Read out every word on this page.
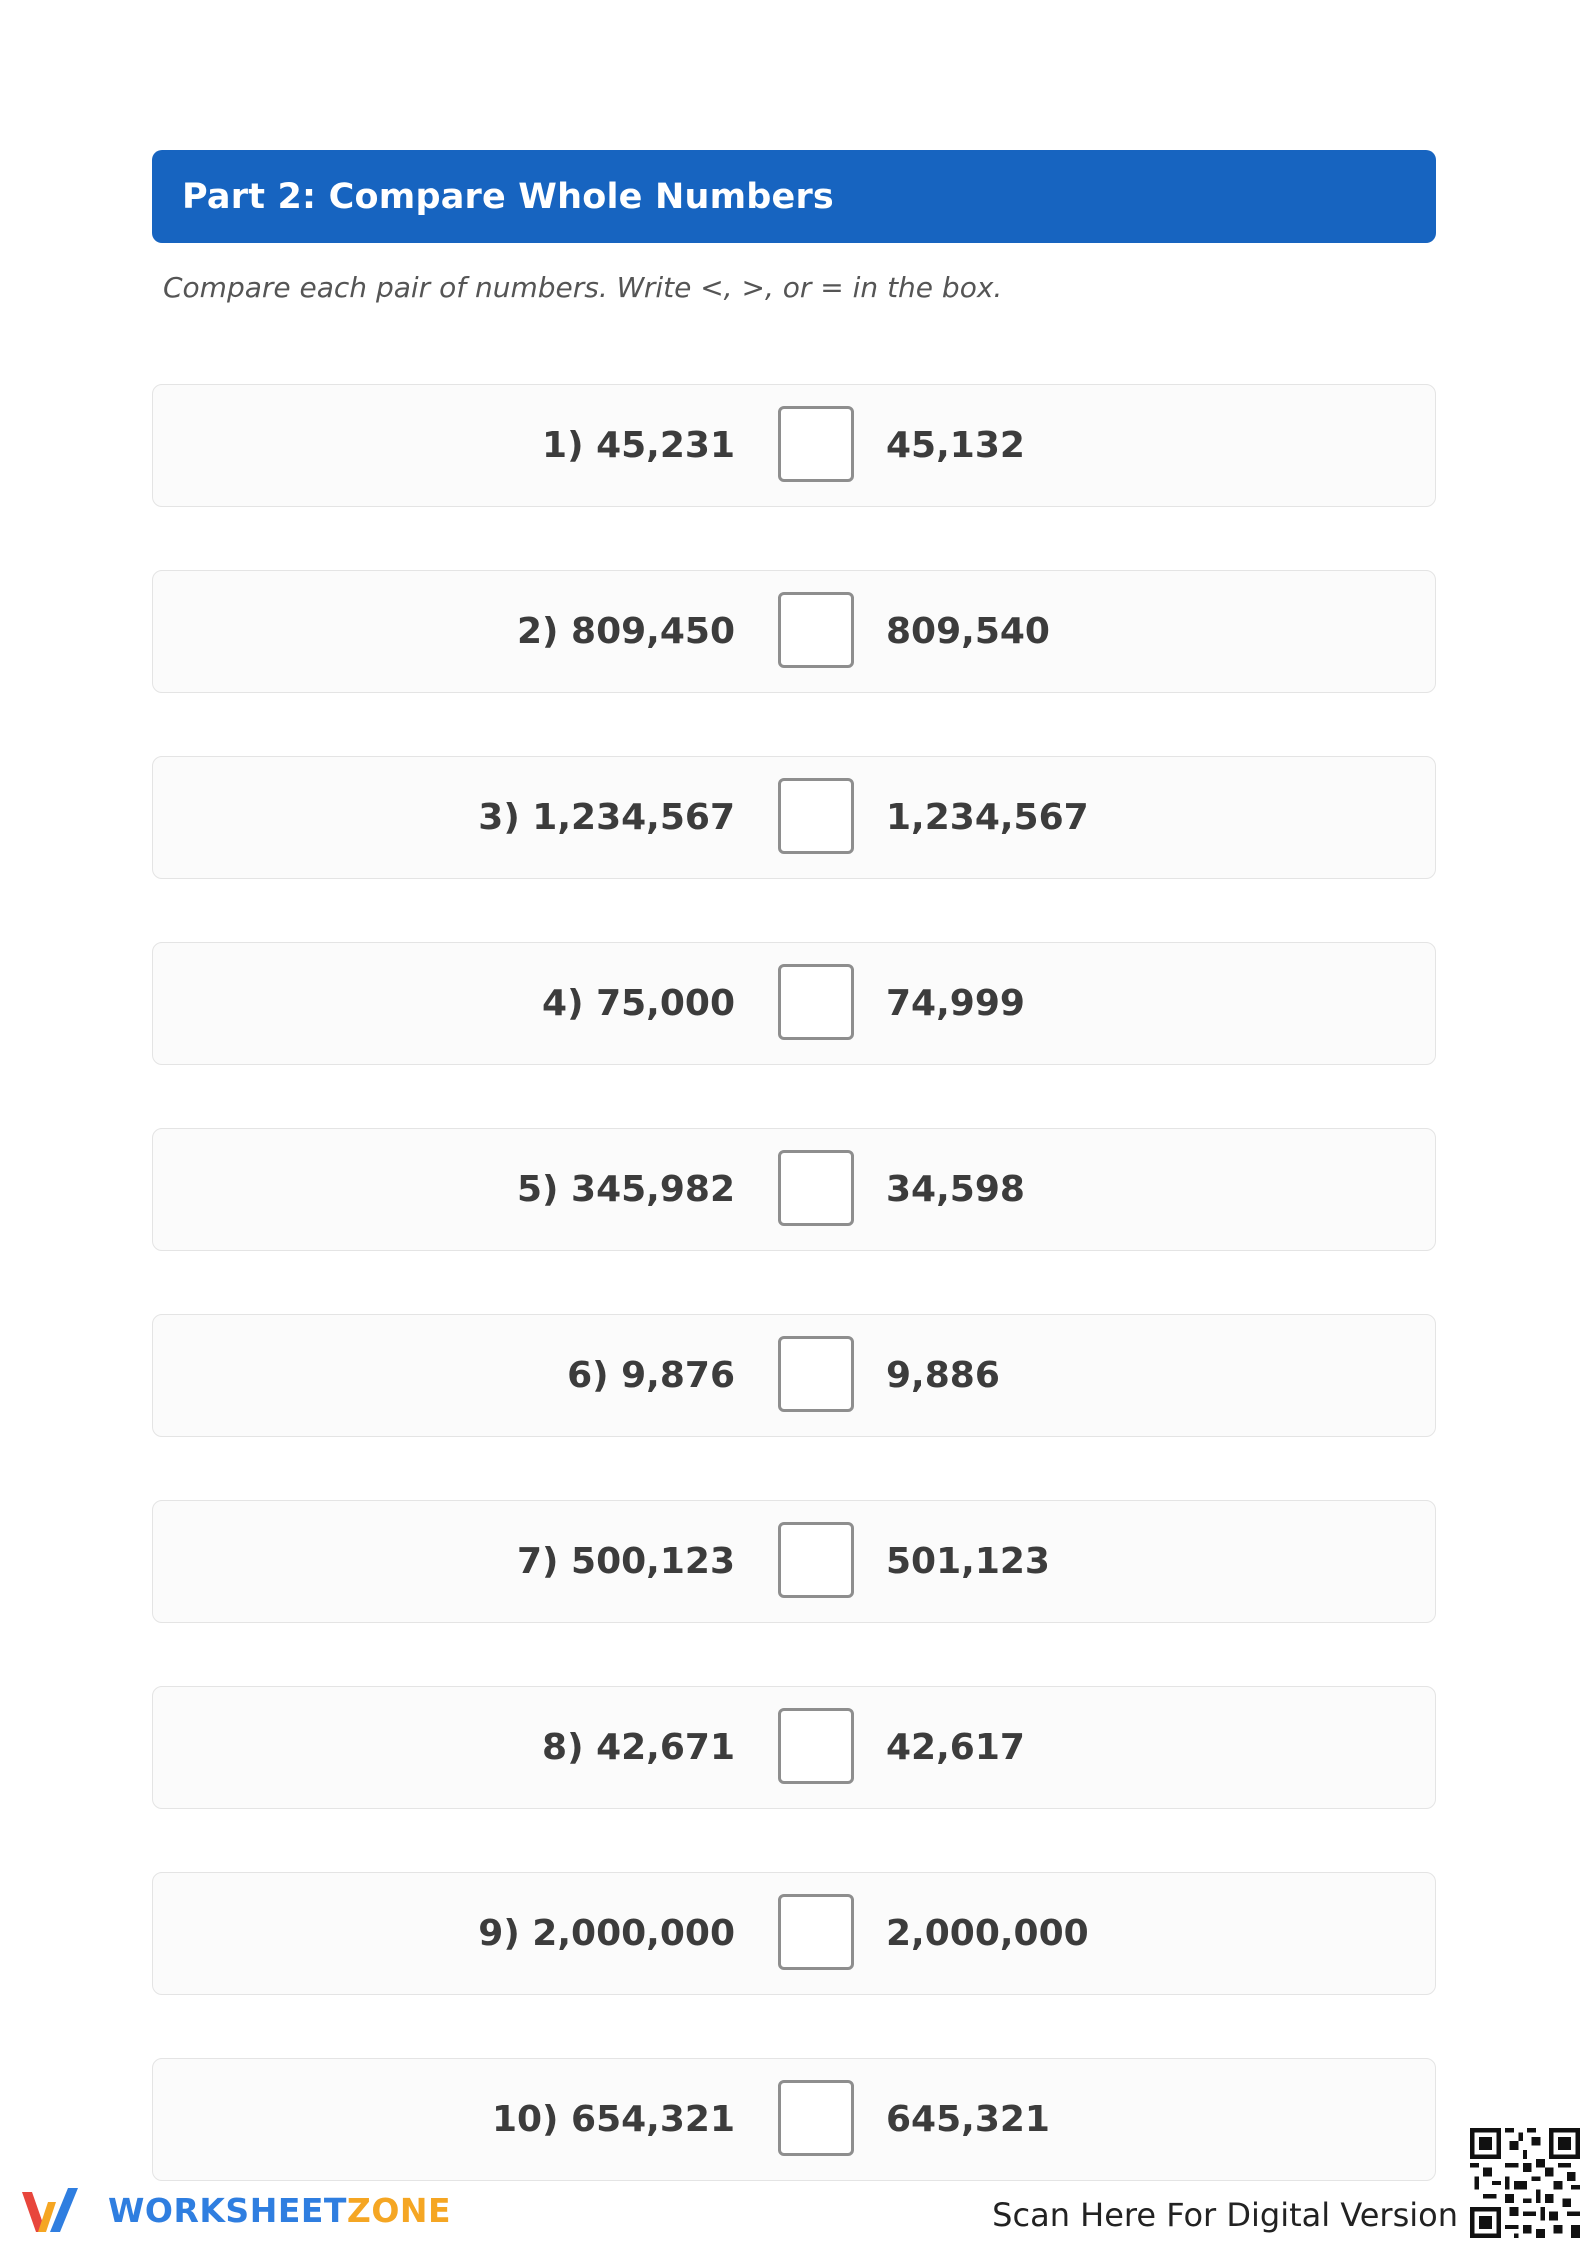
Part 2: Compare Whole Numbers
Compare each pair of numbers. Write <, >, or = in the box.
1) 45,231	45,132
2) 809,450	809,540
3) 1,234,567	1,234,567
4) 75,000	74,999
5) 345,982	34,598
6) 9,876	9,886
7) 500,123	501,123
8) 42,671	42,617
9) 2,000,000	2,000,000
10) 654,321	645,321
WORKSHEETZONE	Scan Here For Digital Version
